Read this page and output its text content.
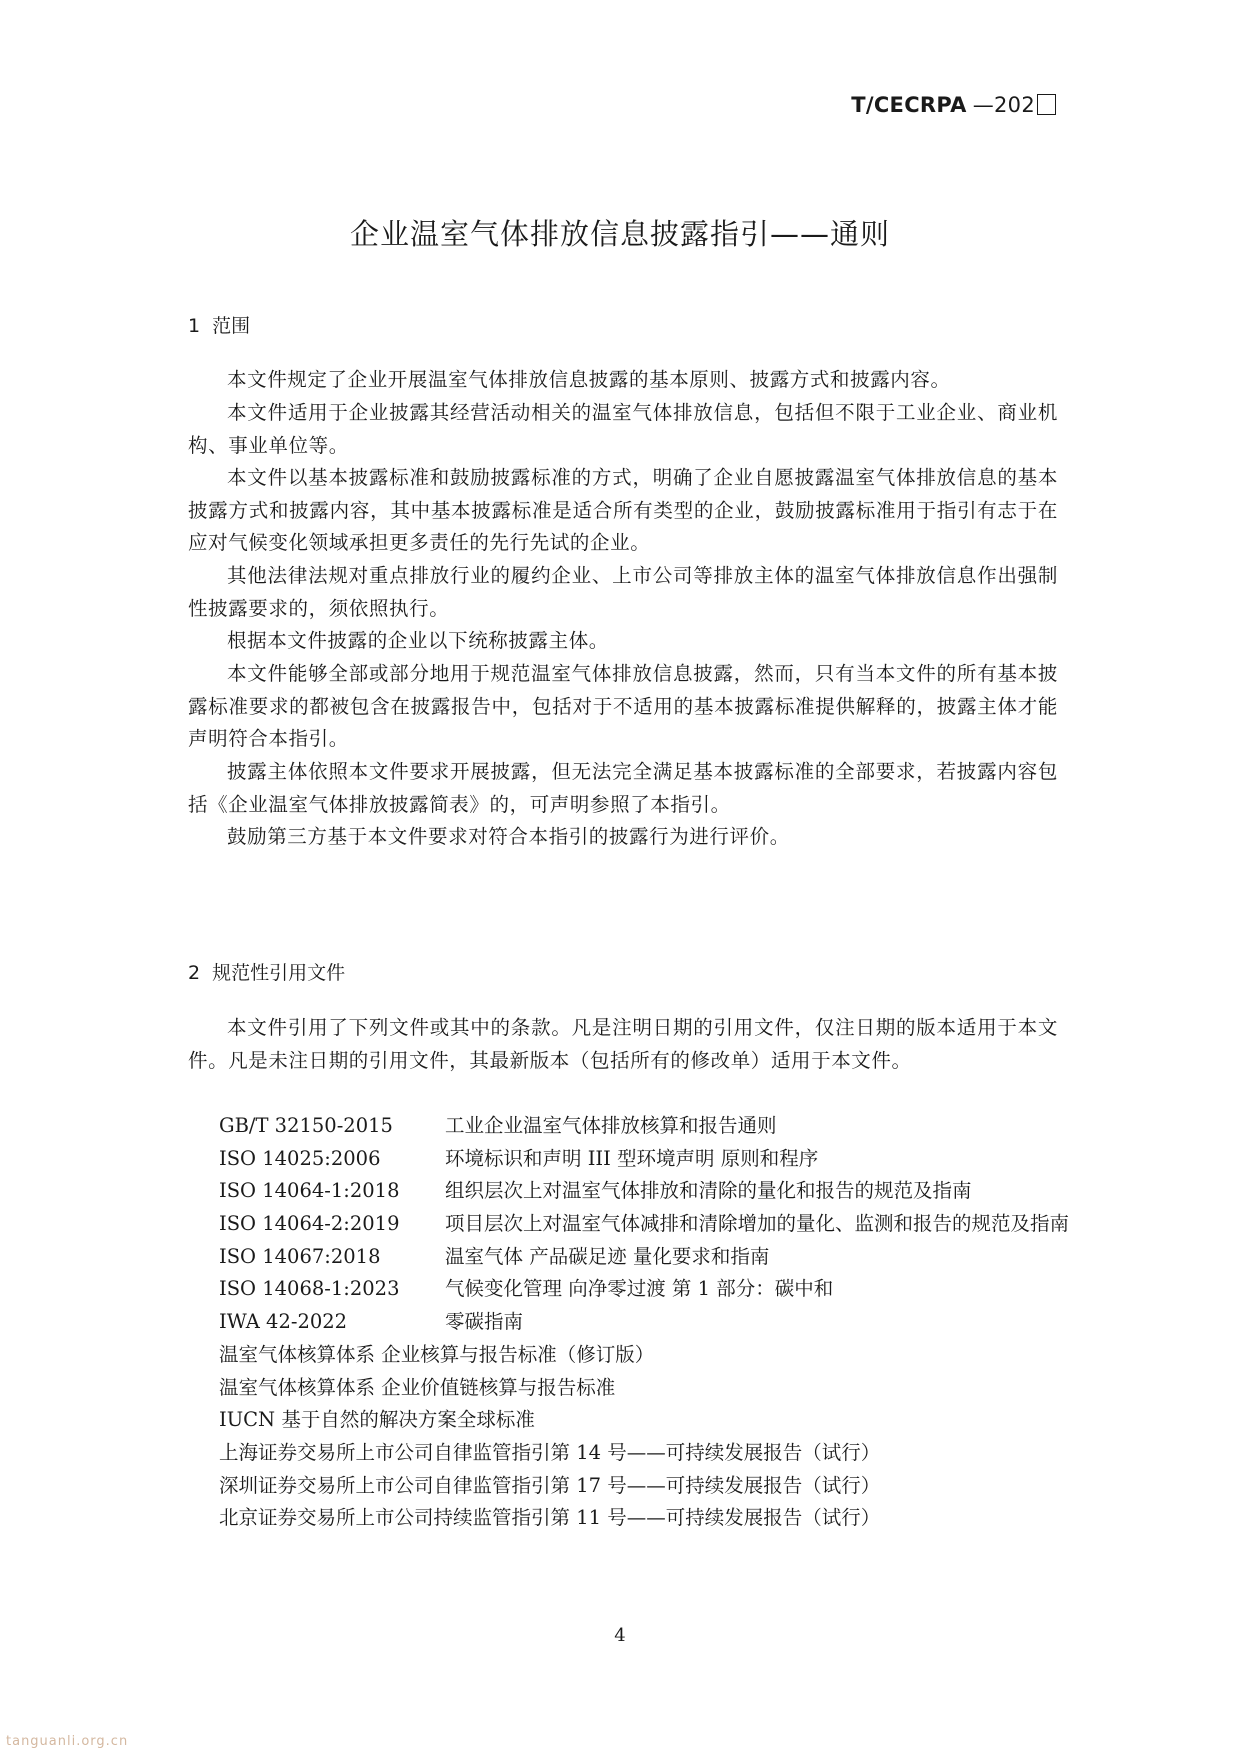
T/CECRPA —202
企业温室气体排放信息披露指引——通则
1 范围

本文件规定了企业开展温室气体排放信息披露的基本原则、披露方式和披露内容。

本文件适用于企业披露其经营活动相关的温室气体排放信息，包括但不限于工业企业、商业机构、事业单位等。

本文件以基本披露标准和鼓励披露标准的方式，明确了企业自愿披露温室气体排放信息的基本披露方式和披露内容，其中基本披露标准是适合所有类型的企业，鼓励披露标准用于指引有志于在应对气候变化领域承担更多责任的先行先试的企业。

其他法律法规对重点排放行业的履约企业、上市公司等排放主体的温室气体排放信息作出强制性披露要求的，须依照执行。

根据本文件披露的企业以下统称披露主体。

本文件能够全部或部分地用于规范温室气体排放信息披露，然而，只有当本文件的所有基本披露标准要求的都被包含在披露报告中，包括对于不适用的基本披露标准提供解释的，披露主体才能声明符合本指引。

披露主体依照本文件要求开展披露，但无法完全满足基本披露标准的全部要求，若披露内容包括《企业温室气体排放披露简表》的，可声明参照了本指引。

鼓励第三方基于本文件要求对符合本指引的披露行为进行评价。

2 规范性引用文件

本文件引用了下列文件或其中的条款。凡是注明日期的引用文件，仅注日期的版本适用于本文件。凡是未注日期的引用文件，其最新版本（包括所有的修改单）适用于本文件。

GB/T 32150-2015	工业企业温室气体排放核算和报告通则
ISO 14025:2006	环境标识和声明 III 型环境声明 原则和程序
ISO 14064-1:2018 组织层次上对温室气体排放和清除的量化和报告的规范及指南
ISO 14064-2:2019 项目层次上对温室气体减排和清除增加的量化、监测和报告的规范及指南
ISO 14067:2018	温室气体 产品碳足迹 量化要求和指南
ISO 14068-1:2023 气候变化管理 向净零过渡 第 1 部分：碳中和
IWA 42-2022	零碳指南
温室气体核算体系 企业核算与报告标准（修订版）
温室气体核算体系 企业价值链核算与报告标准
IUCN 基于自然的解决方案全球标准
上海证券交易所上市公司自律监管指引第 14 号——可持续发展报告（试行）
深圳证券交易所上市公司自律监管指引第 17 号——可持续发展报告（试行）
北京证券交易所上市公司持续监管指引第 11 号——可持续发展报告（试行）
4
tanguanli.org.cn
